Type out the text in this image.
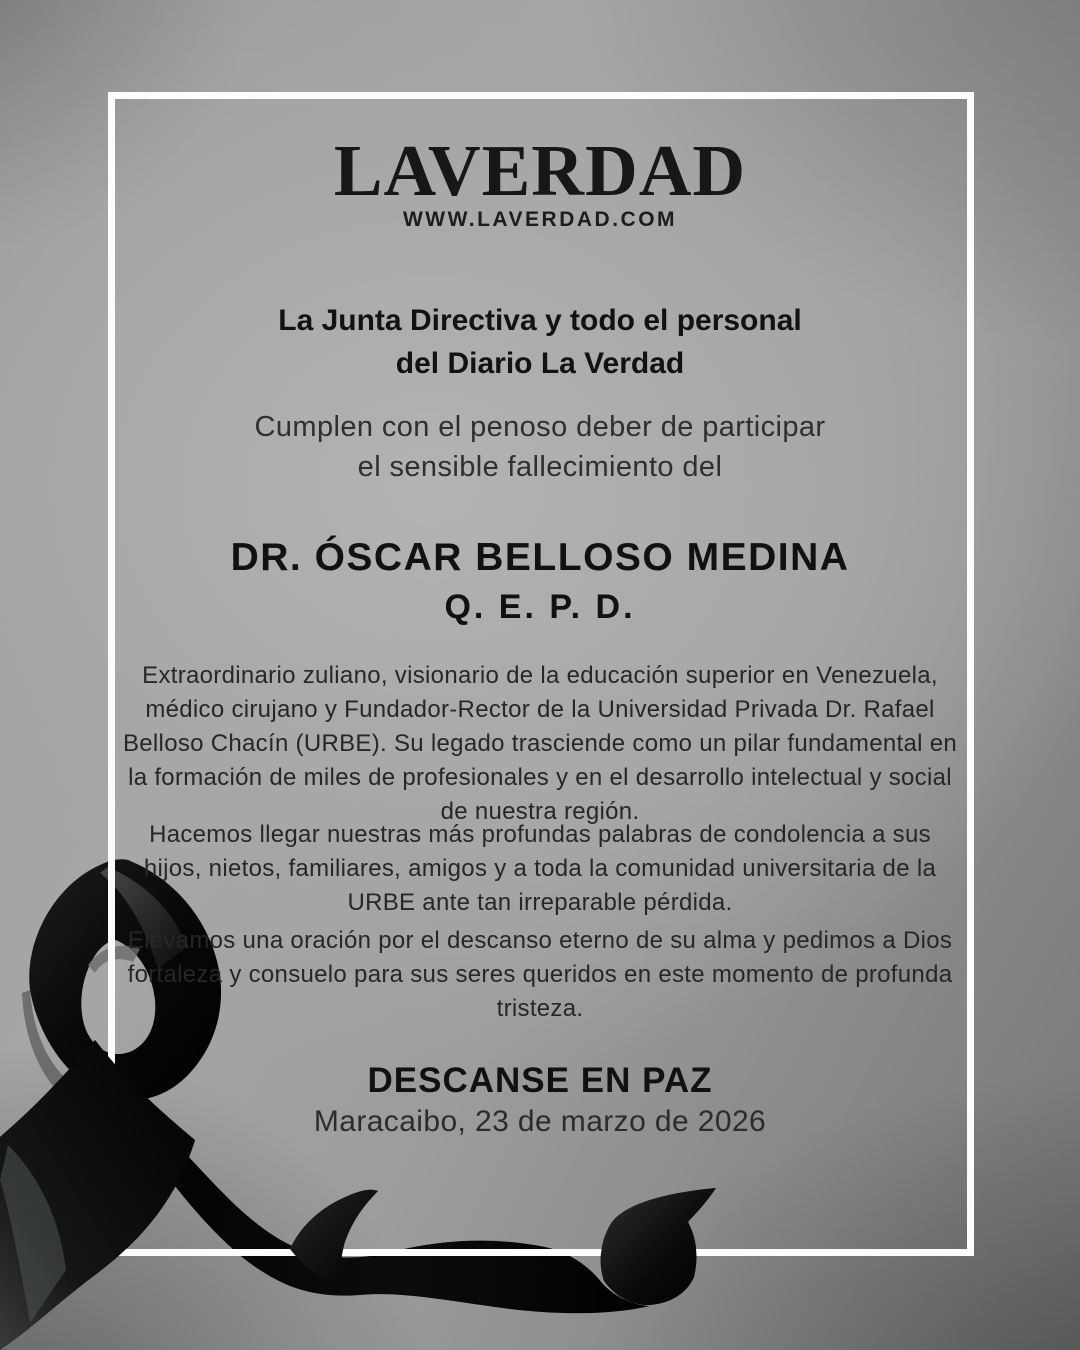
LAVERDAD
WWW.LAVERDAD.COM
La Junta Directiva y todo el personal
del Diario La Verdad
Cumplen con el penoso deber de participar
el sensible fallecimiento del
DR. ÓSCAR BELLOSO MEDINA
Q. E. P. D.
Extraordinario zuliano, visionario de la educación superior en Venezuela, médico cirujano y Fundador-Rector de la Universidad Privada Dr. Rafael Belloso Chacín (URBE). Su legado trasciende como un pilar fundamental en la formación de miles de profesionales y en el desarrollo intelectual y social de nuestra región.
Hacemos llegar nuestras más profundas palabras de condolencia a sus hijos, nietos, familiares, amigos y a toda la comunidad universitaria de la URBE ante tan irreparable pérdida.
Elevamos una oración por el descanso eterno de su alma y pedimos a Dios fortaleza y consuelo para sus seres queridos en este momento de profunda tristeza.
DESCANSE EN PAZ
Maracaibo, 23 de marzo de 2026
